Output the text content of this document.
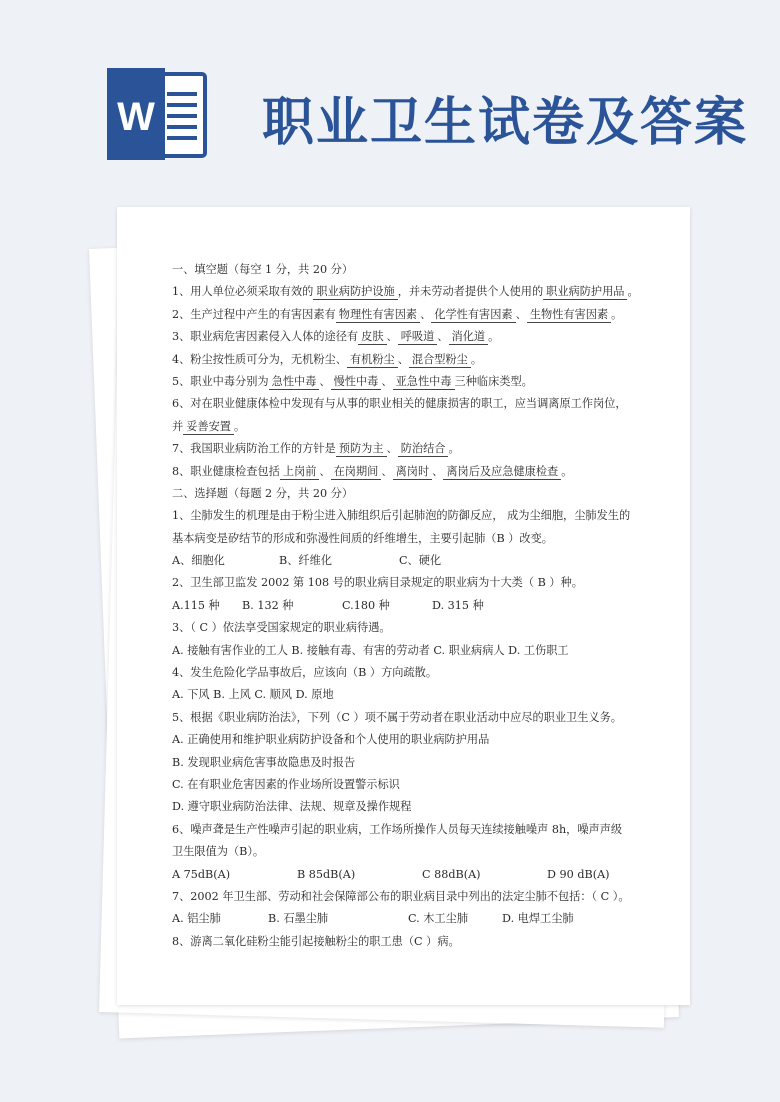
W 职业卫生试卷及答案
一、填空题（每空 1 分，共 20 分）
1、用人单位必须采取有效的 职业病防护设施 ，并未劳动者提供个人使用的 职业病防护用品 。
2、生产过程中产生的有害因素有 物理性有害因素 、 化学性有害因素 、 生物性有害因素 。
3、职业病危害因素侵入人体的途径有 皮肤 、 呼吸道 、 消化道 。
4、粉尘按性质可分为，无机粉尘、 有机粉尘 、 混合型粉尘 。
5、职业中毒分别为 急性中毒 、 慢性中毒 、 亚急性中毒 三种临床类型。
6、对在职业健康体检中发现有与从事的职业相关的健康损害的职工，应当调离原工作岗位，
并 妥善安置 。
7、我国职业病防治工作的方针是 预防为主 、 防治结合 。
8、职业健康检查包括 上岗前 、 在岗期间 、 离岗时 、 离岗后及应急健康检查 。
二、选择题（每题 2 分，共 20 分）
1、尘肺发生的机理是由于粉尘进入肺组织后引起肺泡的防御反应， 成为尘细胞，尘肺发生的
基本病变是矽结节的形成和弥漫性间质的纤维增生，主要引起肺（B ）改变。
A、细胞化	B、纤维化	C、硬化
2、卫生部卫监发 2002 第 108 号的职业病目录规定的职业病为十大类（ B ）种。
A.115 种 B. 132 种	C.180 种	D. 315 种
3、（ C ）依法享受国家规定的职业病待遇。
A. 接触有害作业的工人 B. 接触有毒、有害的劳动者 C. 职业病病人 D. 工伤职工
4、发生危险化学品事故后，应该向（B ）方向疏散。
A. 下风 B. 上风 C. 顺风 D. 原地
5、根据《职业病防治法》，下列（C ）项不属于劳动者在职业活动中应尽的职业卫生义务。
A. 正确使用和维护职业病防护设备和个人使用的职业病防护用品
B. 发现职业病危害事故隐患及时报告
C. 在有职业危害因素的作业场所设置警示标识
D. 遵守职业病防治法律、法规、规章及操作规程
6、噪声聋是生产性噪声引起的职业病，工作场所操作人员每天连续接触噪声 8h，噪声声级
卫生限值为（B）。
A 75dB(A)	B 85dB(A)	C 88dB(A)	D 90 dB(A)
7、2002 年卫生部、劳动和社会保障部公布的职业病目录中列出的法定尘肺不包括：（ C ）。
A. 铝尘肺	B. 石墨尘肺	C. 木工尘肺	D. 电焊工尘肺
8、游离二氧化硅粉尘能引起接触粉尘的职工患（C ）病。
